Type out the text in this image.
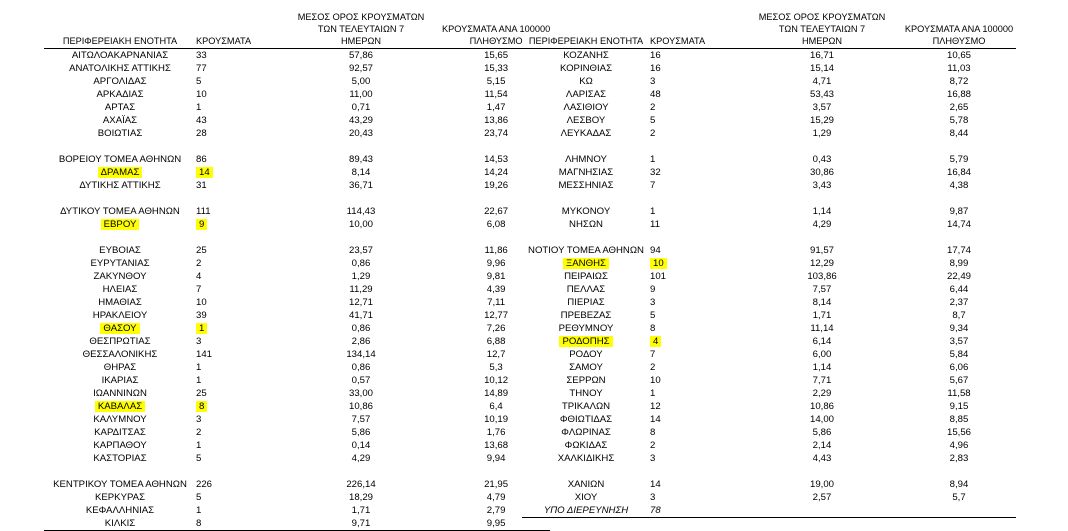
		ΜΕΣΟΣ ΟΡΟΣ ΚΡΟΥΣΜΑΤΩΝ	
		ΤΩΝ ΤΕΛΕΥΤΑΙΩΝ 7	ΚΡΟΥΣΜΑΤΑ ΑΝΑ 100000
ΠΕΡΙΦΕΡΕΙΑΚΗ ΕΝΟΤΗΤΑ	ΚΡΟΥΣΜΑΤΑ	ΗΜΕΡΩΝ	ΠΛΗΘΥΣΜΟ
ΑΙΤΩΛΟΑΚΑΡΝΑΝΙΑΣ	33	57,86	15,65
ΑΝΑΤΟΛΙΚΗΣ ΑΤΤΙΚΗΣ	77	92,57	15,33
ΑΡΓΟΛΙΔΑΣ	5	5,00	5,15
ΑΡΚΑΔΙΑΣ	10	11,00	11,54
ΑΡΤΑΣ	1	0,71	1,47
ΑΧΑΪΑΣ	43	43,29	13,86
ΒΟΙΩΤΙΑΣ	28	20,43	23,74

ΒΟΡΕΙΟΥ ΤΟΜΕΑ ΑΘΗΝΩΝ	86	89,43	14,53
ΔΡΑΜΑΣ	14	8,14	14,24
ΔΥΤΙΚΗΣ ΑΤΤΙΚΗΣ	31	36,71	19,26

ΔΥΤΙΚΟΥ ΤΟΜΕΑ ΑΘΗΝΩΝ	111	114,43	22,67
ΕΒΡΟΥ	9	10,00	6,08

ΕΥΒΟΙΑΣ	25	23,57	11,86
ΕΥΡΥΤΑΝΙΑΣ	2	0,86	9,96
ΖΑΚΥΝΘΟΥ	4	1,29	9,81
ΗΛΕΙΑΣ	7	11,29	4,39
ΗΜΑΘΙΑΣ	10	12,71	7,11
ΗΡΑΚΛΕΙΟΥ	39	41,71	12,77
ΘΑΣΟΥ	1	0,86	7,26
ΘΕΣΠΡΩΤΙΑΣ	3	2,86	6,88
ΘΕΣΣΑΛΟΝΙΚΗΣ	141	134,14	12,7
ΘΗΡΑΣ	1	0,86	5,3
ΙΚΑΡΙΑΣ	1	0,57	10,12
ΙΩΑΝΝΙΝΩΝ	25	33,00	14,89
ΚΑΒΑΛΑΣ	8	10,86	6,4
ΚΑΛΥΜΝΟΥ	3	7,57	10,19
ΚΑΡΔΙΤΣΑΣ	2	5,86	1,76
ΚΑΡΠΑΘΟΥ	1	0,14	13,68
ΚΑΣΤΟΡΙΑΣ	5	4,29	9,94

ΚΕΝΤΡΙΚΟΥ ΤΟΜΕΑ ΑΘΗΝΩΝ	226	226,14	21,95
ΚΕΡΚΥΡΑΣ	5	18,29	4,79
ΚΕΦΑΛΛΗΝΙΑΣ	1	1,71	2,79
ΚΙΛΚΙΣ	8	9,71	9,95
		ΜΕΣΟΣ ΟΡΟΣ ΚΡΟΥΣΜΑΤΩΝ	
		ΤΩΝ ΤΕΛΕΥΤΑΙΩΝ 7	ΚΡΟΥΣΜΑΤΑ ΑΝΑ 100000
ΠΕΡΙΦΕΡΕΙΑΚΗ ΕΝΟΤΗΤΑ	ΚΡΟΥΣΜΑΤΑ	ΗΜΕΡΩΝ	ΠΛΗΘΥΣΜΟ
ΚΟΖΑΝΗΣ	16	16,71	10,65
ΚΟΡΙΝΘΙΑΣ	16	15,14	11,03
ΚΩ	3	4,71	8,72
ΛΑΡΙΣΑΣ	48	53,43	16,88
ΛΑΣΙΘΙΟΥ	2	3,57	2,65
ΛΕΣΒΟΥ	5	15,29	5,78
ΛΕΥΚΑΔΑΣ	2	1,29	8,44

ΛΗΜΝΟΥ	1	0,43	5,79
ΜΑΓΝΗΣΙΑΣ	32	30,86	16,84
ΜΕΣΣΗΝΙΑΣ	7	3,43	4,38

ΜΥΚΟΝΟΥ	1	1,14	9,87
ΝΗΣΩΝ	11	4,29	14,74

ΝΟΤΙΟΥ ΤΟΜΕΑ ΑΘΗΝΩΝ	94	91,57	17,74
ΞΑΝΘΗΣ	10	12,29	8,99
ΠΕΙΡΑΙΩΣ	101	103,86	22,49
ΠΕΛΛΑΣ	9	7,57	6,44
ΠΙΕΡΙΑΣ	3	8,14	2,37
ΠΡΕΒΕΖΑΣ	5	1,71	8,7
ΡΕΘΥΜΝΟΥ	8	11,14	9,34
ΡΟΔΟΠΗΣ	4	6,14	3,57
ΡΟΔΟΥ	7	6,00	5,84
ΣΑΜΟΥ	2	1,14	6,06
ΣΕΡΡΩΝ	10	7,71	5,67
ΤΗΝΟΥ	1	2,29	11,58
ΤΡΙΚΑΛΩΝ	12	10,86	9,15
ΦΘΙΩΤΙΔΑΣ	14	14,00	8,85
ΦΛΩΡΙΝΑΣ	8	5,86	15,56
ΦΩΚΙΔΑΣ	2	2,14	4,96
ΧΑΛΚΙΔΙΚΗΣ	3	4,43	2,83

ΧΑΝΙΩΝ	14	19,00	8,94
ΧΙΟΥ	3	2,57	5,7
ΥΠΟ ΔΙΕΡΕΥΝΗΣΗ	78		
